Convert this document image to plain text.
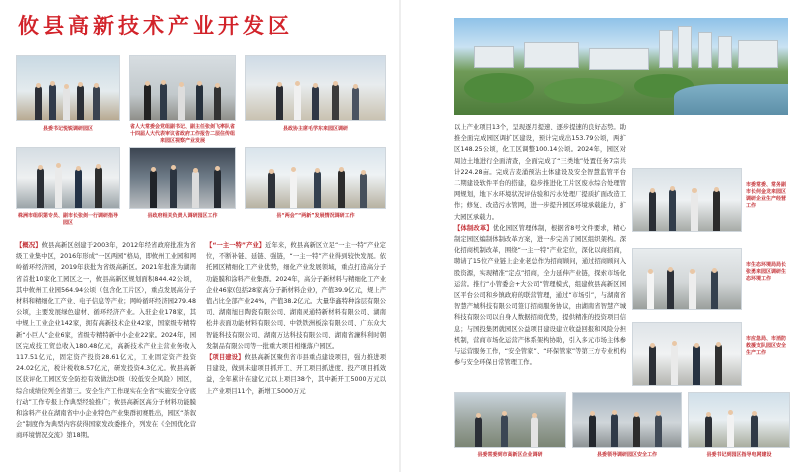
攸县高新技术产业开发区
县委书记悦锐调研园区	省人大常委会党组副书记、副主任张剑飞率队省十四届人大代表审议省政府工作报告二层住传组来园区视察产业发展
县政协主席毛学东来园区调研
株洲市组织第专员、副市长张剑一行调研指导园区
县政府相关负责人调研园区工作	县“两会”“两新”发展情况调研工作

【概况】攸县高新区创建于2003年，2012年经省政府批准为省级工业集中区，2016年形成“一区两园”格局，即攸州工业园和网岭循环经济园，2019年获批为省级高新区。2021年批准为湖南省首批10家化工园区之一，攸县高新区规划面积844.42公顷，其中攸州工业园564.94公顷（包含化工片区），重点发展高分子材料和精细化工产业、电子信息等产业；网岭循环经济园279.48公顷，主要发展绿色建材、循环经济产业。入驻企业178家，其中规上工业企业142家，拥有高新技术企业42家，国家级专精特新“小巨人”企业6家，省级专精特新中小企业22家。2024年，园区完成技工贸总收入180.48亿元，高新技术产业主营业务收入117.51亿元，固定资产投资28.61亿元，工业固定资产投资24.02亿元，税计税收8.57亿元，研发投资4.3亿元。攸县高新区获评化工园区安全防控有效做法D级（较低安全风险）园区，综合成绩位列全省第三。安全生产工作现实在全省“实施安全守底行动”工作专报上作典型经验推广；攸县高新区高分子材料功能膜和涂料产业在湖南省中小企业特色产业集群初赛胜出，园区“茶叙会”制度作为典型内容获得国家发改委推介，列发在《全国优化营商环境情况交流》第18期。

【“一主一特”产业】近年来，攸县高新区立足“一主一特”产业定位，不断补链、延链、强链，“一主一特”产业得到较快发展。依托园区精细化工产业优势，细化产业发展领域，重点打造高分子功能膜和涂料产业集群。2024年，高分子新材料与精细化工产业企业46家(包括28家高分子新材料企业)，产值39.9亿元，规上产值占比全部产业24%，产值38.2亿元。大量华鑫特种涂层有限公司、湖南旭日陶瓷有限公司、湖南灵通特新材料有限公司、湖南松井表面功能材料有限公司、中铁铁洲板涂有限公司、广东众大智能科技有限公司、湖南万达科技有限公司、湖南省濂科利时朝发制品有限公司等一批重大项目相继落户园区。

【项目建设】攸县高新区聚焦省市县重点建设项目，强力推进项目建设，做到未建项目抓开工、开工项目抓进度、投产项目抓效益，全年累计在建亿元以上项目38个，其中新开工5000万元以上产业项目11个，新增工5000万元

以上产业项目13个，呈现逐月提速、逐步提速的良好态势。助推全面完成园区调扩区建设，预计完成出153.79公顷，两扩区148.25公顷，化工区调整100.14公顷。2024年，园区对周边土地进行全面清查，全面完成了“三类地”处置任务7宗共计224.28亩。完成吉麦涌预沾土体建设及安全智慧监管平台二期建设软件平台的搭建，稳步推进化工片区废水综合处理管网规划，地下水环境状况评估验和污水处理厂提质扩面改造工作；修复、改造污水管网，进一步提升园区环境承载能力，扩大园区承载力。

【体制改革】优化园区管理体制，根据省8号文件要求，精心制定园区编制体制改革方案，进一步完善了园区组织架构。深化招商机制改革，围绕“一主一特”产业定位，深化以商招商，聘请了15位产业链上企业老总作为招商顾问，通过招商顾问入股资源，实现精准“定点”招商，全力延伸产业链，探索市场化运营。推行“小管委会+大公司”管理模式，组建攸县高新区园区平台公司和乡镇政府的联营管理，通过“市场引”，与湖南省智慧产城科技有限公司签订招商服务协议，由湖南省智慧产城科技有限公司以自身人数据招商优势，提供精准的投资项目信息；与国投集团就园区公益项目建设建立收益回报和风险分担机制，营商市场化运营产体系架构协助，引入多元市场主体参与运营服务工作，“安全管家”、“环保管家”等第三方专业机构参与安全环保日常管理工作。

市委常委、常务副市长何金龙来园区调研企业生产经营工作
市生态环境局局长张勇来园区调研生态环境工作
市应急局、市消防救援支队园区安全生产工作
县委常委到市高新区企业调研	县委领导调研园区安全工作	县委书记到园区指导电网建设
